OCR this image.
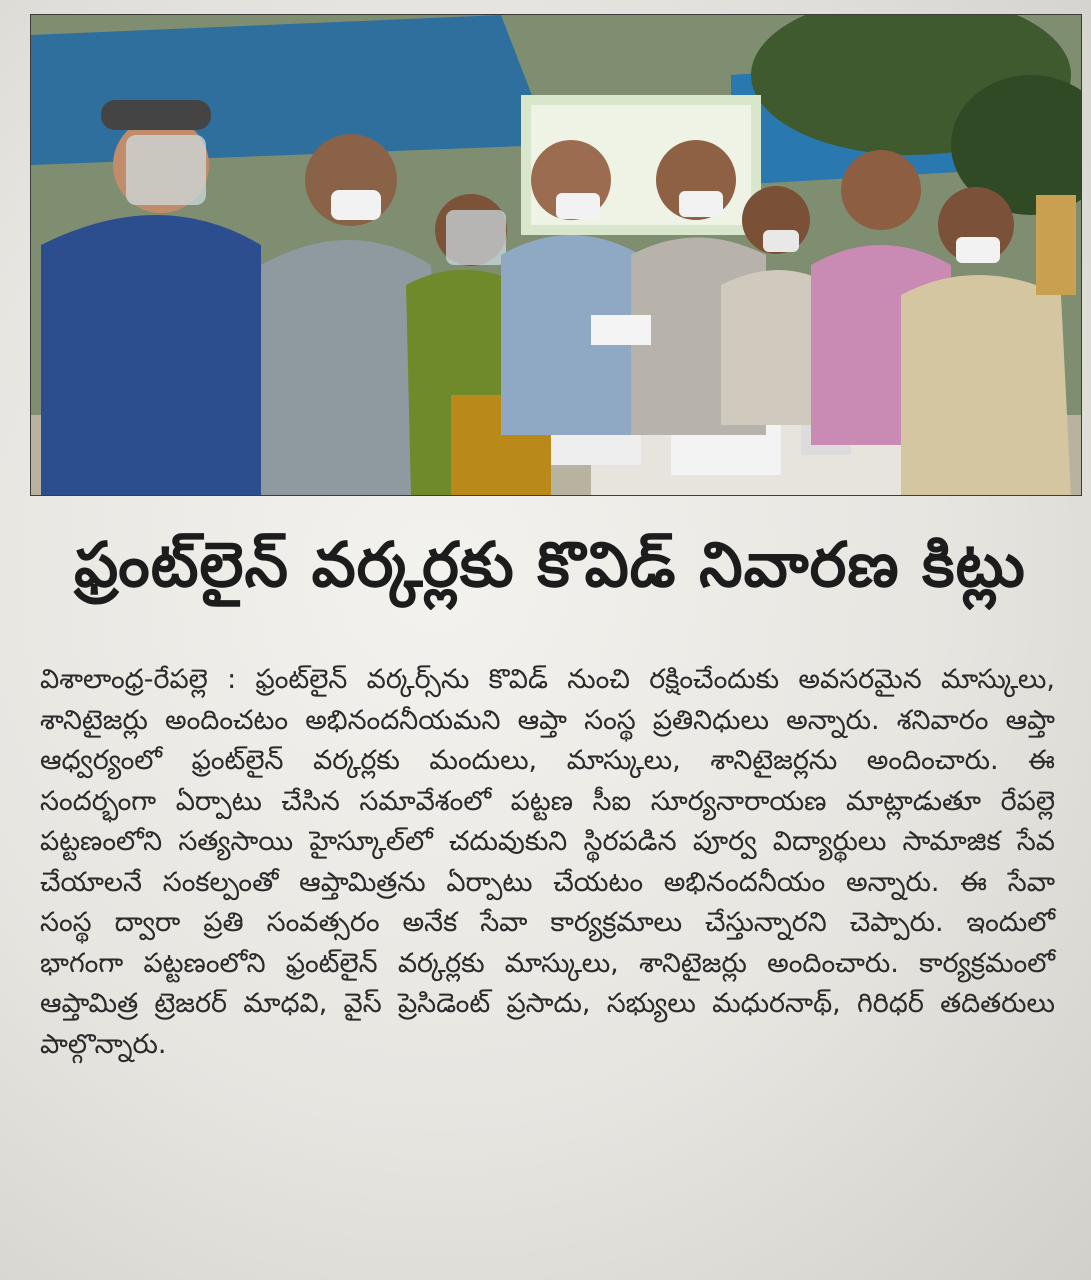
ఫ్రంట్‌లైన్ వర్కర్లకు కొవిడ్ నివారణ కిట్లు

విశాలాంధ్ర-రేపల్లె : ఫ్రంట్‌లైన్ వర్కర్స్‌ను కొవిడ్ నుంచి రక్షించేందుకు అవసరమైన మాస్కులు, శానిటైజర్లు అందించటం అభినందనీయమని ఆప్తా సంస్థ ప్రతినిధులు అన్నారు. శనివారం ఆప్తా ఆధ్వర్యంలో ఫ్రంట్‌లైన్ వర్కర్లకు మందులు, మాస్కులు, శానిటైజర్లను అందించారు. ఈ సందర్భంగా ఏర్పాటు చేసిన సమావేశంలో పట్టణ సీఐ సూర్యనారాయణ మాట్లాడుతూ రేపల్లె పట్టణంలోని సత్యసాయి హైస్కూల్‌లో చదువుకుని స్థిరపడిన పూర్వ విద్యార్థులు సామాజిక సేవ చేయాలనే సంకల్పంతో ఆప్తామిత్రను ఏర్పాటు చేయటం అభినందనీయం అన్నారు. ఈ సేవా సంస్థ ద్వారా ప్రతి సంవత్సరం అనేక సేవా కార్యక్రమాలు చేస్తున్నారని చెప్పారు. ఇందులో భాగంగా పట్టణంలోని ఫ్రంట్‌లైన్ వర్కర్లకు మాస్కులు, శానిటైజర్లు అందించారు. కార్యక్రమంలో ఆప్తామిత్ర ట్రెజరర్ మాధవి, వైస్ ప్రెసిడెంట్ ప్రసాదు, సభ్యులు మధురనాథ్, గిరిధర్ తదితరులు పాల్గొన్నారు.
